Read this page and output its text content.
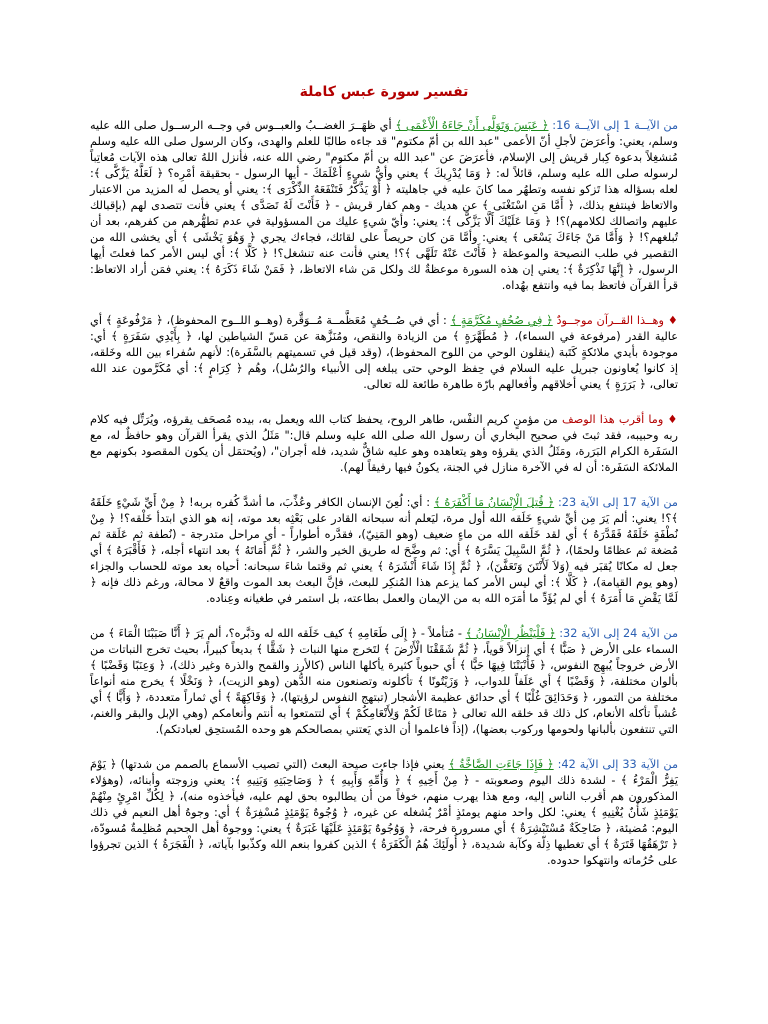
تفسير سورة عبس كاملة

من الآيــة 1 إلى الآيــة 16: ﴿ عَبَسَ وَتَوَلَّى أَنْ جَاءَهُ الْأَعْمَى ﴾ أي ظهَــرَ الغضــبُ والعبــوس في وجــه الرســول صلى الله عليه وسلم، يعني: وأعرَضَ لأجلِ أنّ الأعمى "عبد الله بن أمّ مكتوم" قد جاءه طالبًا للعلم والهدى، وكان الرسول صلى الله عليه وسلم مُنشغِلاً بدعوة كِبار قريش إلى الإسلام، فأعرَضَ عن "عبد الله بن أمّ مكتوم" رضي الله عنه، فأنزل اللهُ تعالى هذه الآيات مُعاتِباً لرسوله صلى الله عليه وسلم، قائلاً له: ﴿ وَمَا يُدْرِيكَ ﴾ يعني وأيُّ شيءٍ أعْلَمَكَ - أيها الرسول - بحقيقة أمْرِه؟ ﴿ لَعَلَّهُ يَزَّكَّى ﴾: لعله بسؤاله هذا تَزكو نفسه وتطهُر مما كانَ عليه في جاهليته ﴿ أَوْ يَذَّكَّرُ فَتَنْفَعَهُ الذِّكْرَى ﴾: يعني أو يحصل له المزيد من الاعتبار والاتعاظ فينتفع بذلك، ﴿ أَمَّا مَنِ اسْتَغْنَى ﴾ عن هديك - وهم كفار قريش - ﴿ فَأَنْتَ لَهُ تَصَدَّى ﴾ يعني فأنت تتصدى لهم (بإقبالك عليهم واتصالك لكلامهم)؟! ﴿ وَمَا عَلَيْكَ أَلَّا يَزَّكَّى ﴾: يعني: وأيّ شيءٍ عليك من المسؤولية في عدم تطهُّرهم من كفرهم، بعد أن تُبلغهم؟! ﴿ وَأَمَّا مَنْ جَاءَكَ يَسْعَى ﴾ يعني: وأمَّا مَن كان حريصاً على لقائك، فجاءك يجري ﴿ وَهُوَ يَخْشَى ﴾ أي يخشى الله من التقصير في طلب النصيحة والموعظة ﴿ فَأَنْتَ عَنْهُ تَلَهَّى ﴾؟! يعني فأنت عنه تنشغل؟! ﴿ كَلَّا ﴾: أي ليس الأمر كما فعلتَ أيها الرسول، ﴿ إِنَّهَا تَذْكِرَةٌ ﴾: يعني إن هذه السورة موعظةٌ لك ولكل مَن شاء الاتعاظ، ﴿ فَمَنْ شَاءَ ذَكَرَهُ ﴾: يعني فمَن أراد الاتعاظ: قرأ القرآن فاتعظ بما فيه وانتفع بهُداه.

♦ وهــذا القــرآن موجــودٌ ﴿ فِي صُحُفٍ مُكَرَّمَةٍ ﴾ : أي في صُــحُفٍ مُعَظَّمــة مُــوَقَّرة (وهــو اللــوح المحفوظ)، ﴿ مَرْفُوعَةٍ ﴾ أي عالية القدر (مرفوعة في السماء)، ﴿ مُطَهَّرَةٍ ﴾ من الزيادة والنقص، ومُنَزَّهة عن مَسّ الشياطين لها، ﴿ بِأَيْدِي سَفَرَةٍ ﴾ أي: موجودة بأيدي ملائكةٍ كَتَبة (ينقلون الوحي من اللوح المحفوظ)، (وقد قيل في تسميتهم بالسَّفَرة): لأنهم سُفراء بين الله وخَلقه، إذ كانوا يُعاونون جبريل عليه السلام في حِفظ الوحي حتى يبلغه إلى الأنبياء والرُسُل)، وهُم ﴿ كِرَامٍ ﴾: أي مُكَرَّمون عند الله تعالى، ﴿ بَرَرَةٍ ﴾ يعني أخلاقهم وأفعالهم بارّة طاهرة طائعة لله تعالى.

♦ وما أقرب هذا الوصف من مؤمنٍ كريم النفْس، طاهر الروح، يحفظ كتاب الله ويعمل به، بيده مُصحَف يقرؤه، ويُرَتِّل فيه كلام ربه وحبيبه، فقد ثبتَ في صحيح البخاري أن رسول الله صلى الله عليه وسلم قال:" مَثَلُ الذي يقرأ القرآن وهو حافظٌ له، مع السَفَرة الكرام البَرَرة، ومَثَلُ الذي يقرؤه وهو يتعاهده وهو عليه شاقٌّ شديد، فله أجران"، (ويُحتمَل أن يكون المقصود بكونهم مع الملائكة السَفَرة: أن له في الآخرة منازل في الجنة، يكونُ فيها رفيقاً لهم).

من الآية 17 إلى الآية 23: ﴿ قُتِلَ الْإِنْسَانُ مَا أَكْفَرَهُ ﴾ : أي: لُعِنَ الإنسان الكافر وعُذِّبَ، ما أشدَّ كُفره بربه! ﴿ مِنْ أَيِّ شَيْءٍ خَلَقَهُ ﴾؟! يعني: ألم يَرَ مِن أيِّ شيءٍ خَلَقه الله أول مرة، ليَعلم أنه سبحانه القادر على بَعْثِه بعد موته، إنه هو الذي ابتدأ خَلْقه؟! ﴿ مِنْ نُطْفَةٍ خَلَقَهُ فَقَدَّرَهُ ﴾ أي لقد خَلَقه الله من ماءٍ ضعيف (وهو المَنِيّ)، فقدَّره أطواراً - أي مراحل متدرجة - (نُطفة ثم عَلَقة ثم مُضغة ثم عظامًا ولحمًا)، ﴿ ثُمَّ السَّبِيلَ يَسَّرَهُ ﴾ أي: ثم وضَّحَ له طريق الخير والشر، ﴿ ثُمَّ أَمَاتَهُ ﴾ بعد انتهاء أجله، ﴿ فَأَقْبَرَهُ ﴾ أي جعل له مكانًا يُقبَر فيه (وَلاَ لَأَنْتَنَ وَتَعَفَّنَ)، ﴿ ثُمَّ إِذَا شَاءَ أَنْشَرَهُ ﴾ يعني ثم وقتما شاءَ سبحانه: أحياه بعد موته للحساب والجزاء (وهو يوم القيامة)، ﴿ كَلَّا ﴾: أي ليس الأمر كما يزعم هذا المُنكِر للبعث، فإنَّ البعث بعد الموت واقعٌ لا محالة، ورغم ذلك فإنه ﴿ لَمَّا يَقْضِ مَا أَمَرَهُ ﴾ أي لم يُؤَدِّ ما أمَرَه الله به من الإيمان والعمل بطاعته، بل استمر في طغيانه وعِناده.

من الآية 24 إلى الآية 32: ﴿ فَلْيَنْظُرِ الْإِنْسَانُ ﴾ - مُتأملاً - ﴿ إِلَى طَعَامِهِ ﴾ كيف خَلَقه الله له ودَبَّره؟، ألم يَرَ ﴿ أَنَّا صَبَبْنَا الْمَاءَ ﴾ من السماء على الأرض ﴿ صَبًّا ﴾ أي إنزالاً قوياً، ﴿ ثُمَّ شَقَقْنَا الْأَرْضَ ﴾ لتَخرج منها النبات ﴿ شَقًّا ﴾ بديعاً كبيراً، بحيث تخرج النباتات من الأرض خروجاً يُبهِج النفوس، ﴿ فَأَنْبَتْنَا فِيهَا حَبًّا ﴾ أي حبوباً كثيرة يأكلها الناس (كالأرز والقمح والذرة وغير ذلك)، ﴿ وَعِنَبًا وَقَضْبًا ﴾ بألوان مختلفة، ﴿ وَقَضْبًا ﴾ أي عَلَفاً للدواب، ﴿ وَزَيْتُونًا ﴾ تأكلونه وتصنعون منه الدُّهن (وهو الزيت)، ﴿ وَنَخْلًا ﴾ يخرج منه أنواعاً مختلفة من التمور، ﴿ وَحَدَائِقَ غُلْبًا ﴾ أي حدائق عظيمة الأشجار (تبتهج النفوس لرؤيتها)، ﴿ وَفَاكِهَةً ﴾ أي ثماراً متعددة، ﴿ وَأَبًّا ﴾ أي عُشباً تأكله الأنعام، كل ذلك قد خلقه الله تعالى ﴿ مَتَاعًا لَكُمْ وَلِأَنْعَامِكُمْ ﴾ أي لتتمتعوا به أنتم وأنعامكم (وهي الإبل والبقر والغنم، التي تنتفعون بألبانها ولحومها وركوب بعضها)، (إذاً فاعلموا أن الذي يَعتني بمصالحكم هو وحده المُستحِق لعبادتكم).

من الآية 33 إلى الآية 42: ﴿ فَإِذَا جَاءَتِ الصَّاخَّةُ ﴾ يعني فإذا جاءت صيحة البعث (التي تصيب الأسماع بالصمم من شدتها) ﴿ يَوْمَ يَفِرُّ الْمَرْءُ ﴾ - لشدة ذلك اليوم وصعوبته - ﴿ مِنْ أَخِيهِ ﴾ ﴿ وَأُمِّهِ وَأَبِيهِ ﴾ ﴿ وَصَاحِبَتِهِ وَبَنِيهِ ﴾: يعني وزوجته وأبنائه، (وهؤلاء المذكورون هم أقرب الناس إليه، ومع هذا يهرب منهم، خوفاً من أن يطالبوه بحق لهم عليه، فيأخذوه منه)، ﴿ لِكُلِّ امْرِئٍ مِنْهُمْ يَوْمَئِذٍ شَأْنٌ يُغْنِيهِ ﴾ يعني: لكل واحد منهم يومئذٍ أمْرٌ يُشغله عن غيره، ﴿ وُجُوهٌ يَوْمَئِذٍ مُسْفِرَةٌ ﴾ أي: وجوهُ أهل النعيم في ذلك اليوم: مُضيئة، ﴿ ضَاحِكَةٌ مُسْتَبْشِرَةٌ ﴾ أي مسرورة فرحة، ﴿ وَوُجُوهٌ يَوْمَئِذٍ عَلَيْهَا غَبَرَةٌ ﴾ يعني: ووجوهُ أهل الجحيم مُظلِمةٌ مُسودّة، ﴿ تَرْهَقُهَا قَتَرَةٌ ﴾ أي تغطيها ذِلّة وكآبة شديدة، ﴿ أُولَئِكَ هُمُ الْكَفَرَةُ ﴾ الذين كفروا بنعم الله وكذّبوا بآياته، ﴿ الْفَجَرَةُ ﴾ الذين تجرؤوا على حُرُماته وانتهكوا حدوده.
